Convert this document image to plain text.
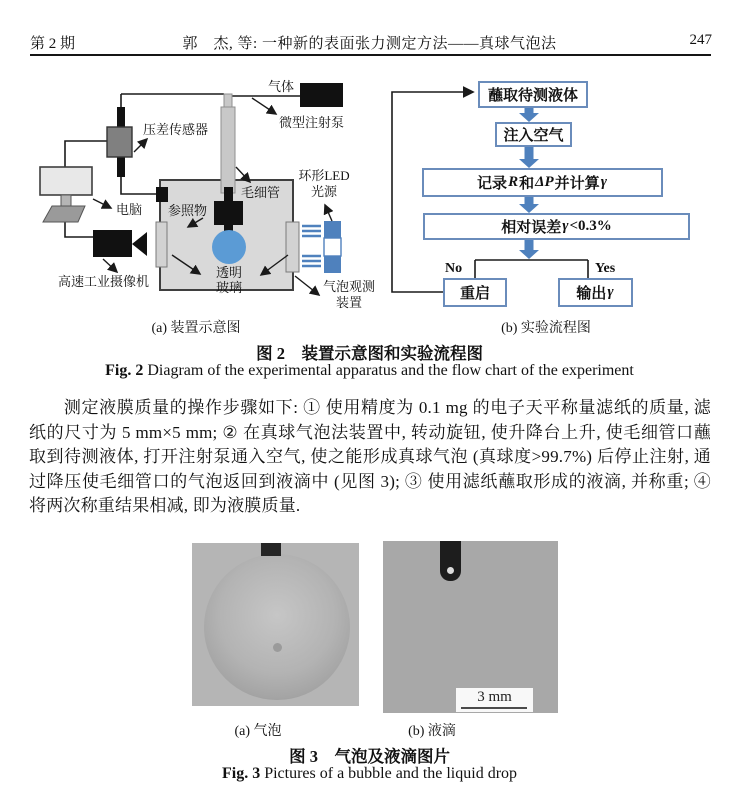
第 2 期	郭　杰, 等: 一种新的表面张力测定方法——真球气泡法	247
气体
微型注射泵
压差传感器
电脑 参照物
毛细管
透明
玻璃
环形LED
光源
气泡观测
装置
高速工业摄像机
蘸取待测液体
注入空气
记录 R 和 ΔP 并计算 γ
相对误差 γ <0.3%
No	Yes
重启	输出 γ
(a) 装置示意图	(b) 实验流程图
图 2　装置示意图和实验流程图
Fig. 2 Diagram of the experimental apparatus and the flow chart of the experiment
测定液膜质量的操作步骤如下: ① 使用精度为 0.1 mg 的电子天平称量滤纸的质量, 滤纸的尺寸为 5 mm×5 mm; ② 在真球气泡法装置中, 转动旋钮, 使升降台上升, 使毛细管口蘸取到待测液体, 打开注射泵通入空气, 使之能形成真球气泡 (真球度>99.7%) 后停止注射, 通过降压使毛细管口的气泡返回到液滴中 (见图 3); ③ 使用滤纸蘸取形成的液滴, 并称重; ④ 将两次称重结果相减, 即为液膜质量.
3 mm
(a) 气泡	(b) 液滴
图 3　气泡及液滴图片
Fig. 3 Pictures of a bubble and the liquid drop
